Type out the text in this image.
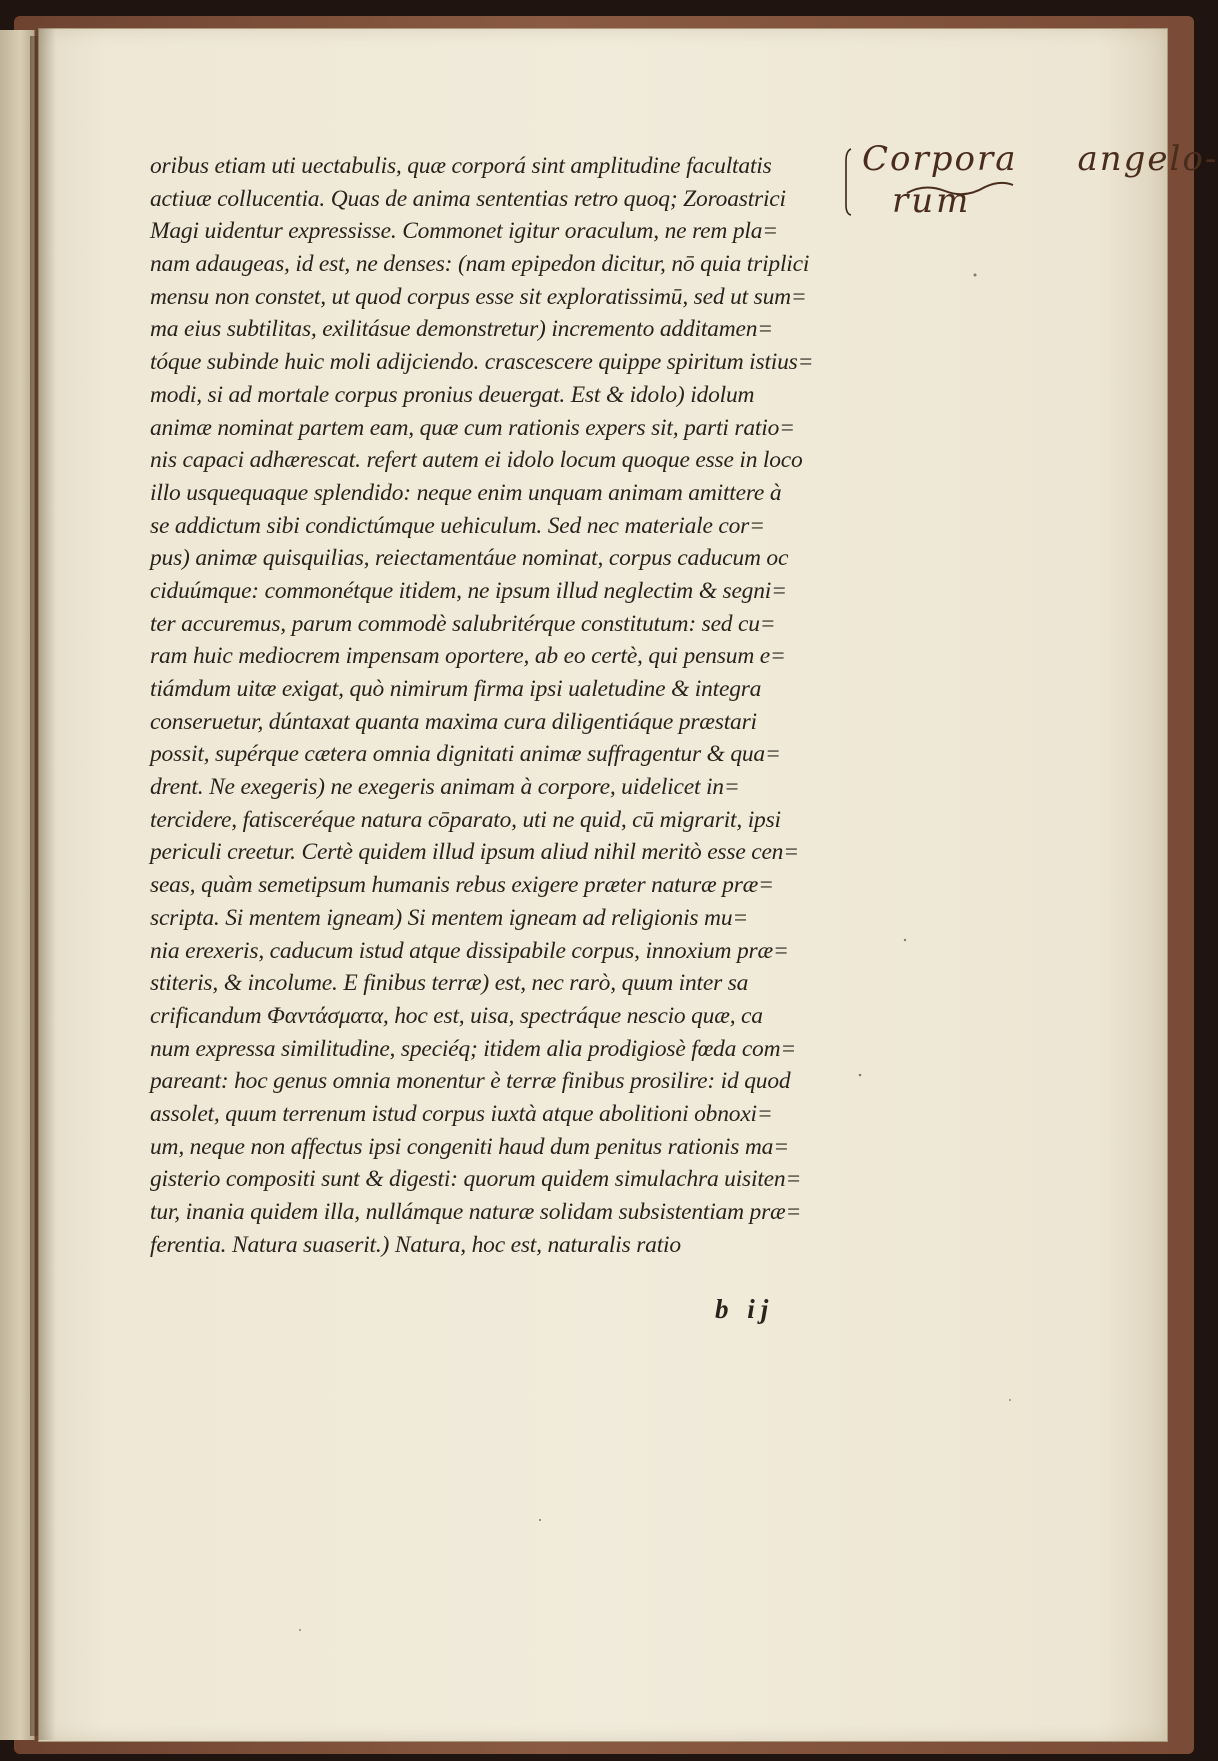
oribus etiam uti uectabulis, quæ corporá sint amplitudine facultatis
actiuæ collucentia. Quas de anima sententias retro quoq; Zoroastrici
Magi uidentur expressisse. Commonet igitur oraculum, ne rem pla=
nam adaugeas, id est, ne denses: (nam epipedon dicitur, nō quia triplici
mensu non constet, ut quod corpus esse sit exploratissimū, sed ut sum=
ma eius subtilitas, exilitásue demonstretur) incremento additamen=
tóque subinde huic moli adijciendo. crascescere quippe spiritum istius=
modi, si ad mortale corpus pronius deuergat. Est & idolo) idolum
animæ nominat partem eam, quæ cum rationis expers sit, parti ratio=
nis capaci adhærescat. refert autem ei idolo locum quoque esse in loco
illo usquequaque splendido: neque enim unquam animam amittere à
se addictum sibi condictúmque uehiculum. Sed nec materiale cor=
pus) animæ quisquilias, reiectamentáue nominat, corpus caducum oc
ciduúmque: commonétque itidem, ne ipsum illud neglectim & segni=
ter accuremus, parum commodè salubritérque constitutum: sed cu=
ram huic mediocrem impensam oportere, ab eo certè, qui pensum e=
tiámdum uitæ exigat, quò nimirum firma ipsi ualetudine & integra
conseruetur, dúntaxat quanta maxima cura diligentiáque præstari
possit, supérque cætera omnia dignitati animæ suffragentur & qua=
drent. Ne exegeris) ne exegeris animam à corpore, uidelicet in=
tercidere, fatisceréque natura cōparato, uti ne quid, cū migrarit, ipsi
periculi creetur. Certè quidem illud ipsum aliud nihil meritò esse cen=
seas, quàm semetipsum humanis rebus exigere præter naturæ præ=
scripta. Si mentem igneam) Si mentem igneam ad religionis mu=
nia erexeris, caducum istud atque dissipabile corpus, innoxium præ=
stiteris, & incolume. E finibus terræ) est, nec rarò, quum inter sa
crificandum Φαντάσματα, hoc est, uisa, spectráque nescio quæ, ca
num expressa similitudine, speciéq; itidem alia prodigiosè fœda com=
pareant: hoc genus omnia monentur è terræ finibus prosilire: id quod
assolet, quum terrenum istud corpus iuxtà atque abolitioni obnoxi=
um, neque non affectus ipsi congeniti haud dum penitus rationis ma=
gisterio compositi sunt & digesti: quorum quidem simulachra uisiten=
tur, inania quidem illa, nullámque naturæ solidam subsistentiam præ=
ferentia. Natura suaserit.) Natura, hoc est, naturalis ratio
b ij
Corpora angelo-
rum
